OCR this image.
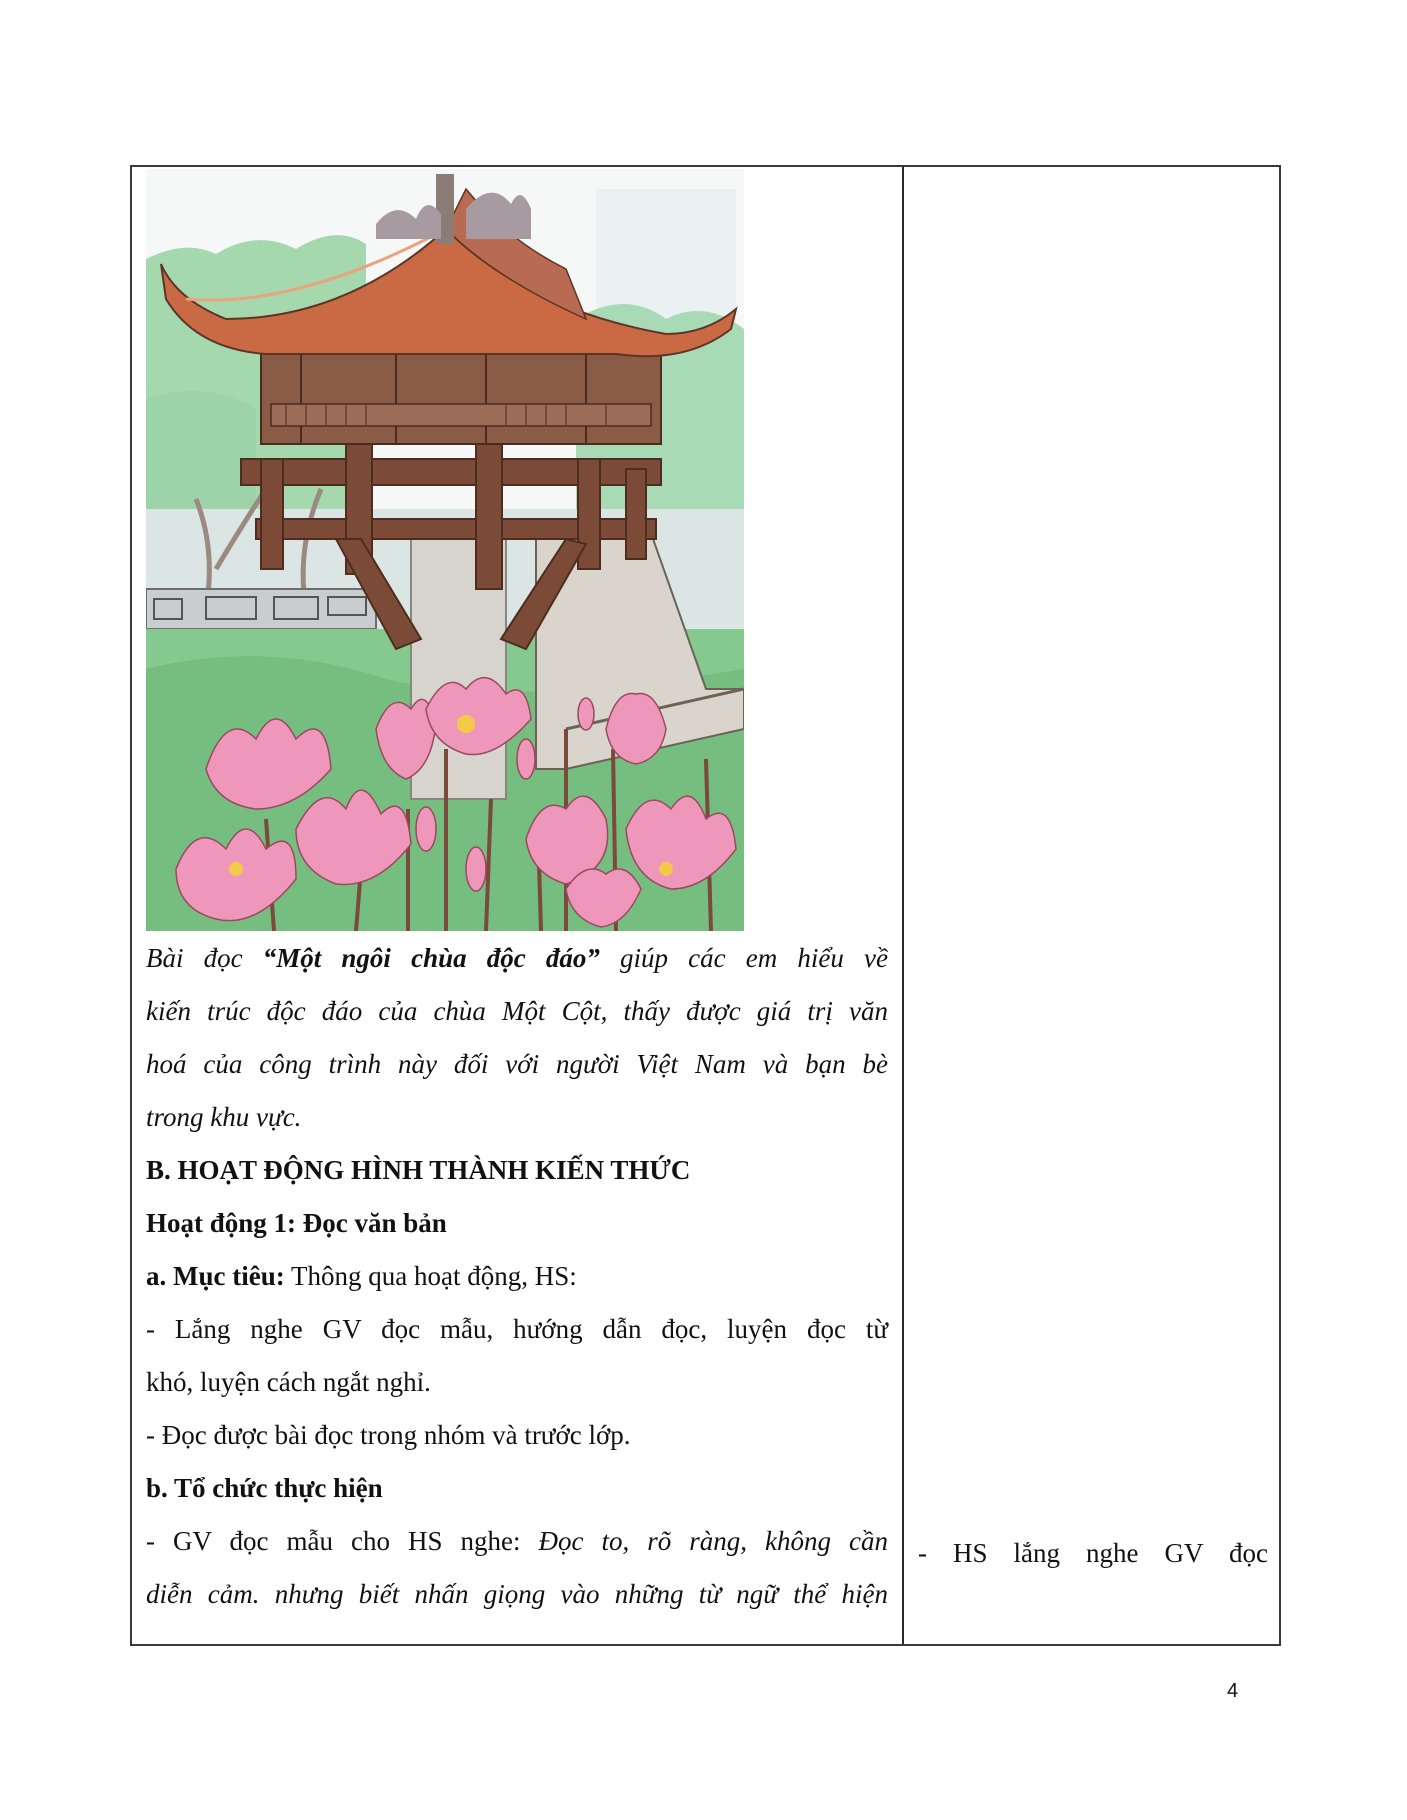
Bài đọc “Một ngôi chùa độc đáo” giúp các em hiểu về
kiến trúc độc đáo của chùa Một Cột, thấy được giá trị văn
hoá của công trình này đối với người Việt Nam và bạn bè
trong khu vực.
B. HOẠT ĐỘNG HÌNH THÀNH KIẾN THỨC
Hoạt động 1: Đọc văn bản
a. Mục tiêu: Thông qua hoạt động, HS:
- Lắng nghe GV đọc mẫu, hướng dẫn đọc, luyện đọc từ
khó, luyện cách ngắt nghỉ.
- Đọc được bài đọc trong nhóm và trước lớp.
b. Tổ chức thực hiện
- GV đọc mẫu cho HS nghe: Đọc to, rõ ràng, không cần
diễn cảm. nhưng biết nhấn giọng vào những từ ngữ thể hiện
- HS lắng nghe GV đọc
4
